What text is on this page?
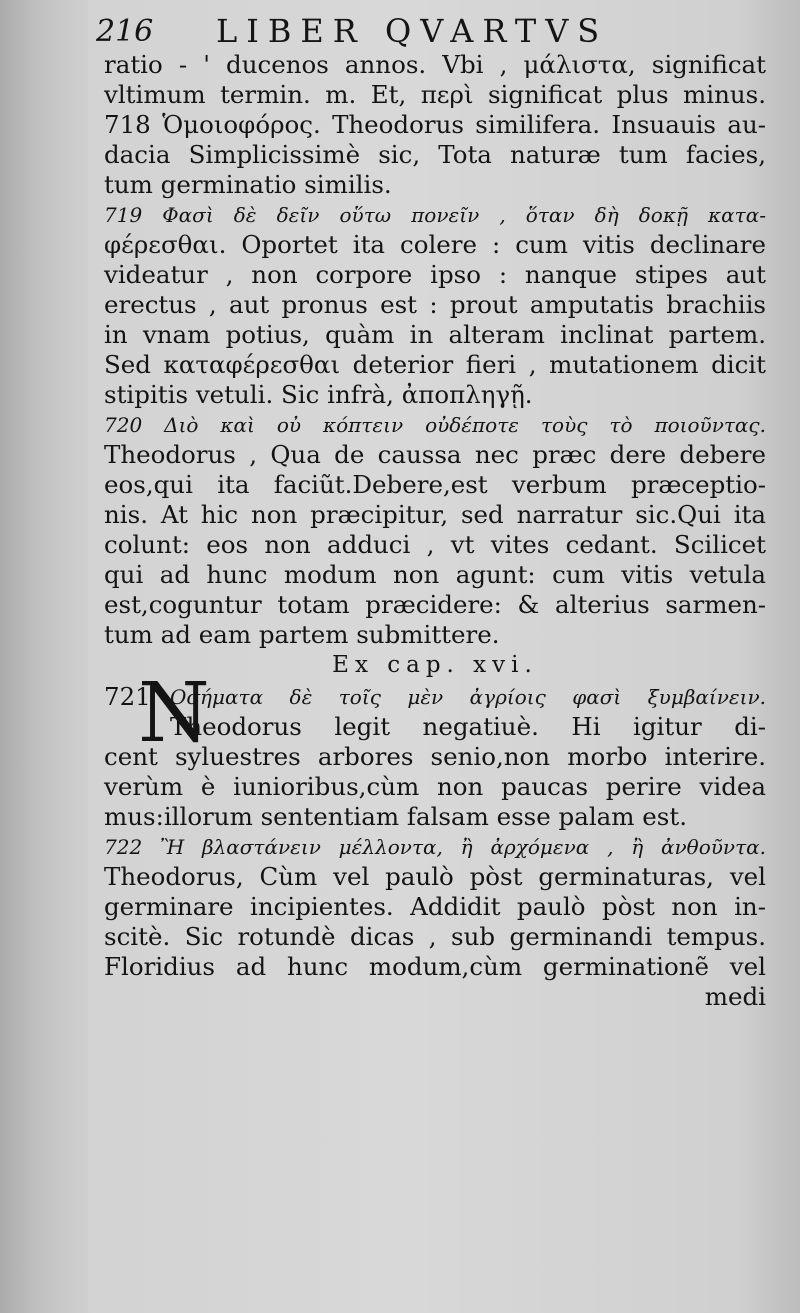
216 LIBER QVARTVS
ratio - ' ducenos annos. Vbi , μάλιστα, significat
vltimum termin. m. Et, περὶ significat plus minus.
718 Ὁμοιοφόρος. Theodorus similifera. Insuauis au-
dacia Simplicissimè sic, Tota naturæ tum facies,
tum germinatio similis.
719 Φασὶ δὲ δεῖν οὕτω πονεῖν , ὅταν δὴ δοκῇ κατα-
φέρεσθαι. Oportet ita colere : cum vitis declinare
videatur , non corpore ipso : nanque stipes aut
erectus , aut pronus est : prout amputatis brachiis
in vnam potius, quàm in alteram inclinat partem.
Sed καταφέρεσθαι deterior fieri , mutationem dicit
stipitis vetuli. Sic infrà, ἀποπληγῇ.
720 Διὸ καὶ οὐ κόπτειν οὐδέποτε τοὺς τὸ ποιοῦντας.
Theodorus , Qua de caussa nec præc dere debere
eos,qui ita faciũt.Debere,est verbum præceptio-
nis. At hic non præcipitur, sed narratur sic.Qui ita
colunt: eos non adduci , vt vites cedant. Scilicet
qui ad hunc modum non agunt: cum vitis vetula
est,coguntur totam præcidere: & alterius sarmen-
tum ad eam partem submittere.
Ex cap. xvi.
721
N
Οσήματα δὲ τοῖς μὲν ἀγρίοις φασὶ ξυμβαίνειν.
Theodorus legit negatiuè. Hi igitur di-
cent syluestres arbores senio,non morbo interire.
verùm è iunioribus,cùm non paucas perire videa
mus:illorum sententiam falsam esse palam est.
722 Ἢ βλαστάνειν μέλλοντα, ἢ ἀρχόμενα , ἢ ἀνθοῦντα.
Theodorus, Cùm vel paulò pòst germinaturas, vel
germinare incipientes. Addidit paulò pòst non in-
scitè. Sic rotundè dicas , sub germinandi tempus.
Floridius ad hunc modum,cùm germinationẽ vel
medi
